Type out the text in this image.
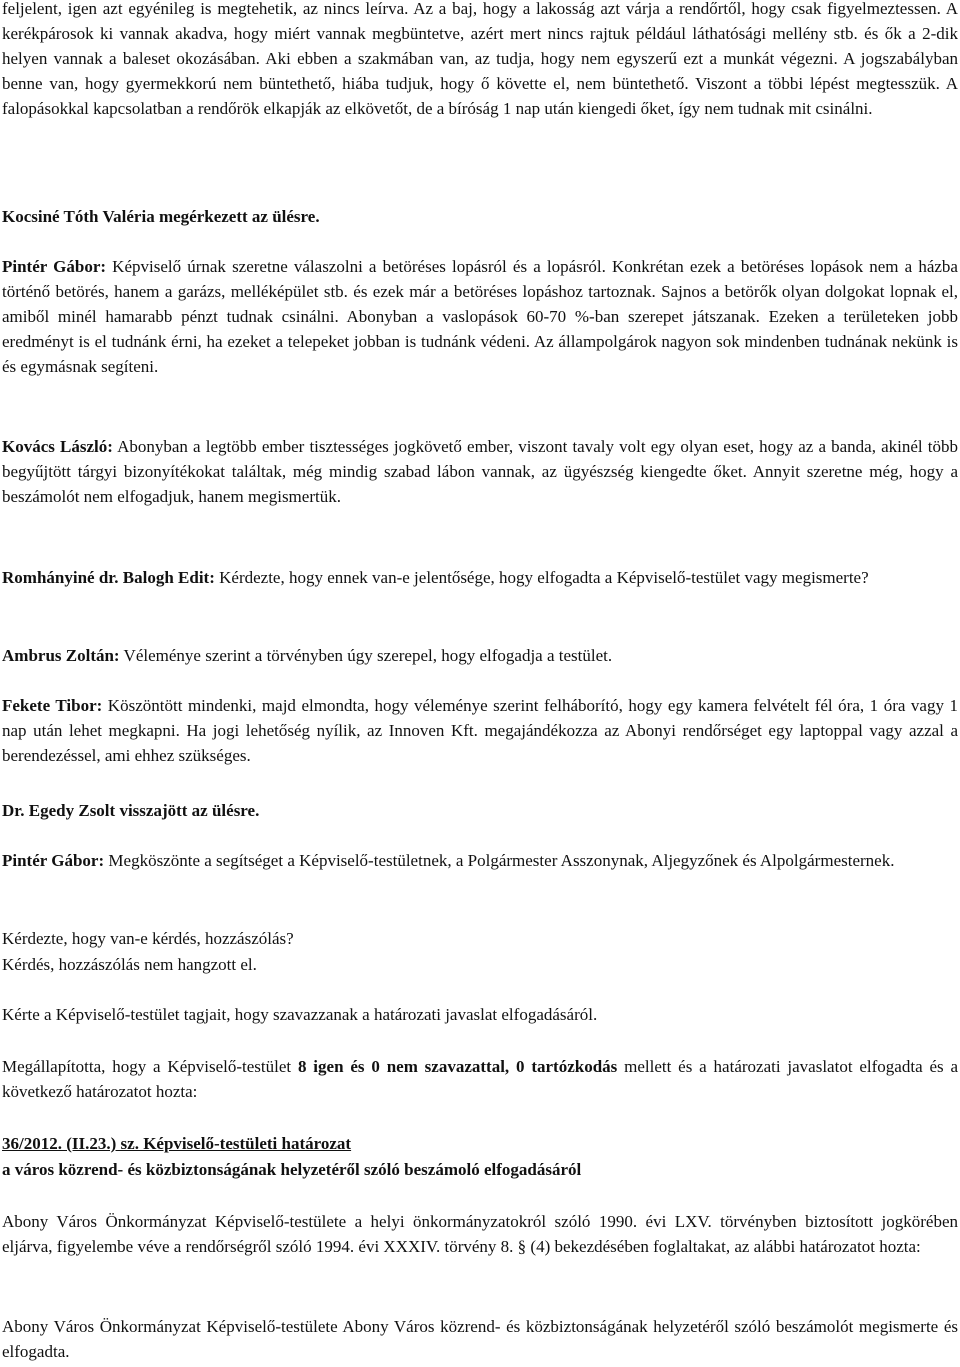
feljelent, igen azt egyénileg is megtehetik, az nincs leírva. Az a baj, hogy a lakosság azt várja a rendőrtől, hogy csak figyelmeztessen. A kerékpárosok ki vannak akadva, hogy miért vannak megbüntetve, azért mert nincs rajtuk például láthatósági mellény stb. és ők a 2-dik helyen vannak a baleset okozásában. Aki ebben a szakmában van, az tudja, hogy nem egyszerű ezt a munkát végezni. A jogszabályban benne van, hogy gyermekkorú nem büntethető, hiába tudjuk, hogy ő követte el, nem büntethető. Viszont a többi lépést megtesszük. A falopásokkal kapcsolatban a rendőrök elkapják az elkövetőt, de a bíróság 1 nap után kiengedi őket, így nem tudnak mit csinálni.

Kocsiné Tóth Valéria megérkezett az ülésre.

Pintér Gábor: Képviselő úrnak szeretne válaszolni a betöréses lopásról és a lopásról. Konkrétan ezek a betöréses lopások nem a házba történő betörés, hanem a garázs, melléképület stb. és ezek már a betöréses lopáshoz tartoznak. Sajnos a betörők olyan dolgokat lopnak el, amiből minél hamarabb pénzt tudnak csinálni. Abonyban a vaslopások 60-70 %-ban szerepet játszanak. Ezeken a területeken jobb eredményt is el tudnánk érni, ha ezeket a telepeket jobban is tudnánk védeni. Az állampolgárok nagyon sok mindenben tudnának nekünk is és egymásnak segíteni.

Kovács László: Abonyban a legtöbb ember tisztességes jogkövető ember, viszont tavaly volt egy olyan eset, hogy az a banda, akinél több begyűjtött tárgyi bizonyítékokat találtak, még mindig szabad lábon vannak, az ügyészség kiengedte őket. Annyit szeretne még, hogy a beszámolót nem elfogadjuk, hanem megismertük.

Romhányiné dr. Balogh Edit: Kérdezte, hogy ennek van-e jelentősége, hogy elfogadta a Képviselő-testület vagy megismerte?

Ambrus Zoltán: Véleménye szerint a törvényben úgy szerepel, hogy elfogadja a testület.

Fekete Tibor: Köszöntött mindenki, majd elmondta, hogy véleménye szerint felháborító, hogy egy kamera felvételt fél óra, 1 óra vagy 1 nap után lehet megkapni. Ha jogi lehetőség nyílik, az Innoven Kft. megajándékozza az Abonyi rendőrséget egy laptoppal vagy azzal a berendezéssel, ami ehhez szükséges.

Dr. Egedy Zsolt visszajött az ülésre.

Pintér Gábor: Megköszönte a segítséget a Képviselő-testületnek, a Polgármester Asszonynak, Aljegyzőnek és Alpolgármesternek.

Kérdezte, hogy van-e kérdés, hozzászólás?

Kérdés, hozzászólás nem hangzott el.

Kérte a Képviselő-testület tagjait, hogy szavazzanak a határozati javaslat elfogadásáról.

Megállapította, hogy a Képviselő-testület 8 igen és 0 nem szavazattal, 0 tartózkodás mellett és a határozati javaslatot elfogadta és a következő határozatot hozta:

36/2012. (II.23.) sz. Képviselő-testületi határozat

a város közrend- és közbiztonságának helyzetéről szóló beszámoló elfogadásáról

Abony Város Önkormányzat Képviselő-testülete a helyi önkormányzatokról szóló 1990. évi LXV. törvényben biztosított jogkörében eljárva, figyelembe véve a rendőrségről szóló 1994. évi XXXIV. törvény 8. § (4) bekezdésében foglaltakat, az alábbi határozatot hozta:

Abony Város Önkormányzat Képviselő-testülete Abony Város közrend- és közbiztonságának helyzetéről szóló beszámolót megismerte és elfogadta.
